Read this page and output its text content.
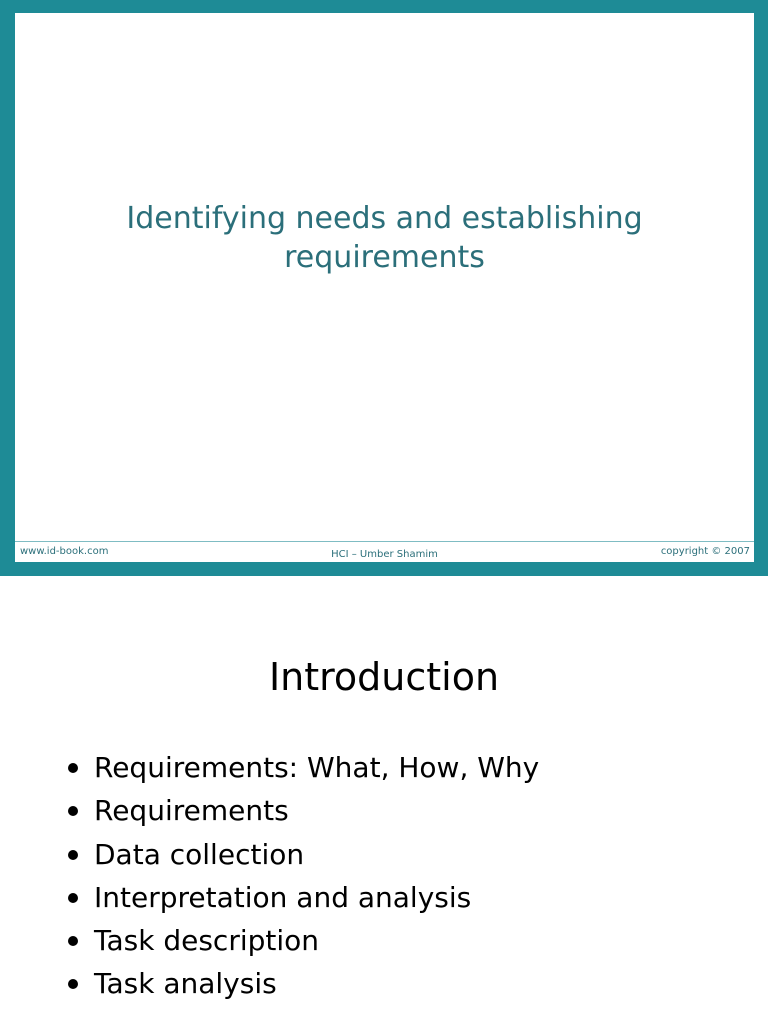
Identifying needs and establishing
requirements
www.id-book.com	HCI – Umber Shamim	copyright © 2007
Introduction
Requirements: What, How, Why
Requirements
Data collection
Interpretation and analysis
Task description
Task analysis
